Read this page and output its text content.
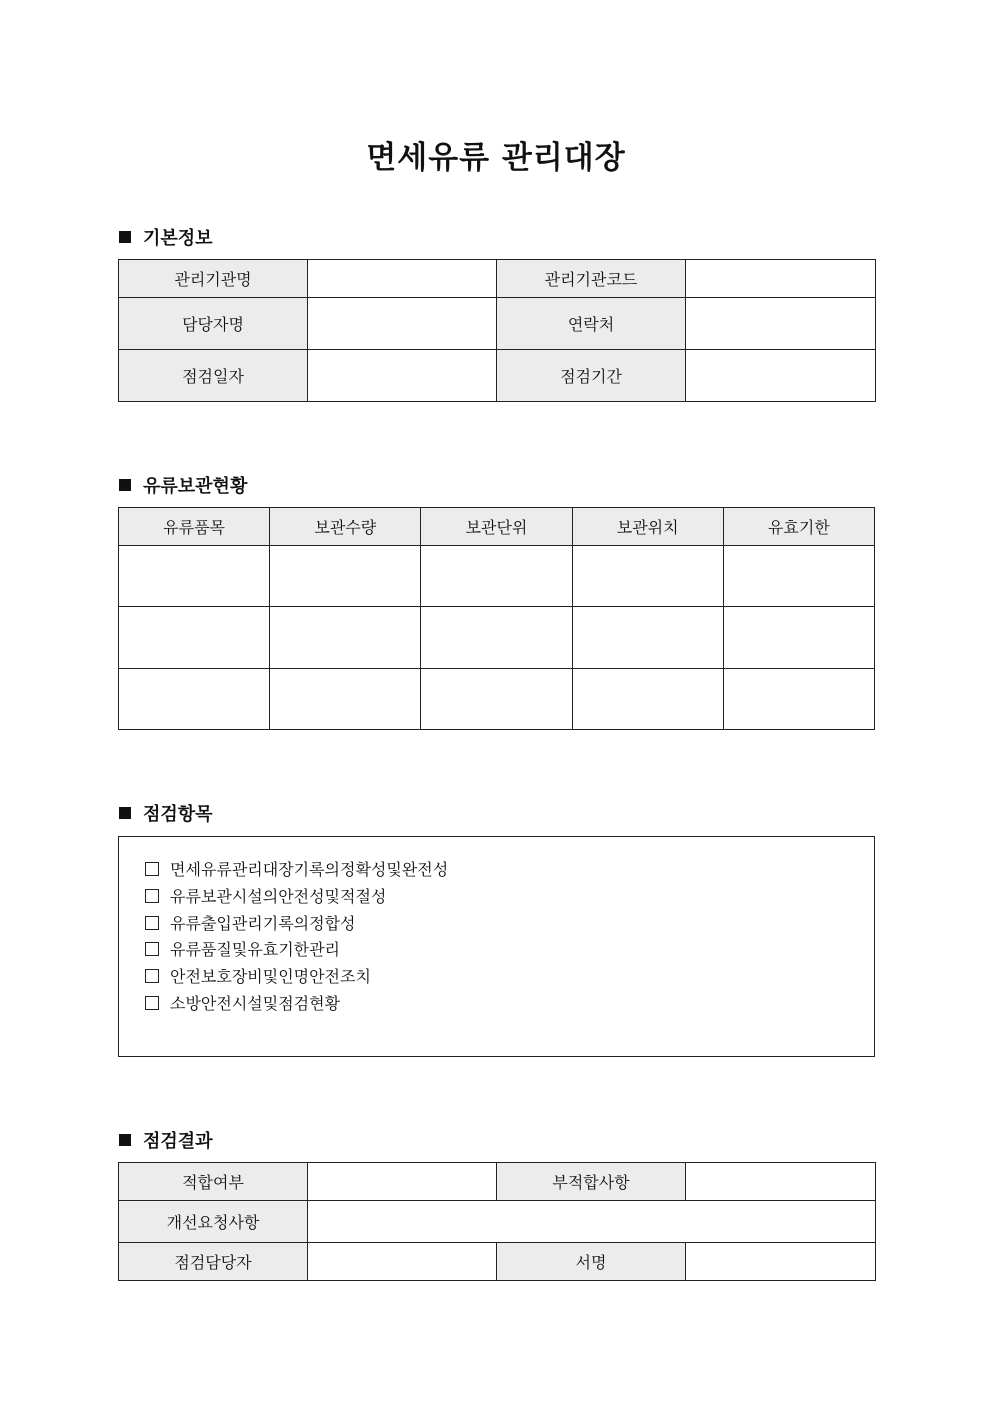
면세유류 관리대장
기본정보
관리기관명		관리기관코드	
담당자명		연락처	
점검일자		점검기간	
유류보관현황
유류품목	보관수량	보관단위	보관위치	유효기한

점검항목
면세유류관리대장기록의정확성및완전성
유류보관시설의안전성및적절성
유류출입관리기록의정합성
유류품질및유효기한관리
안전보호장비및인명안전조치
소방안전시설및점검현황
점검결과
적합여부		부적합사항	
개선요청사항			
점검담당자		서명	
